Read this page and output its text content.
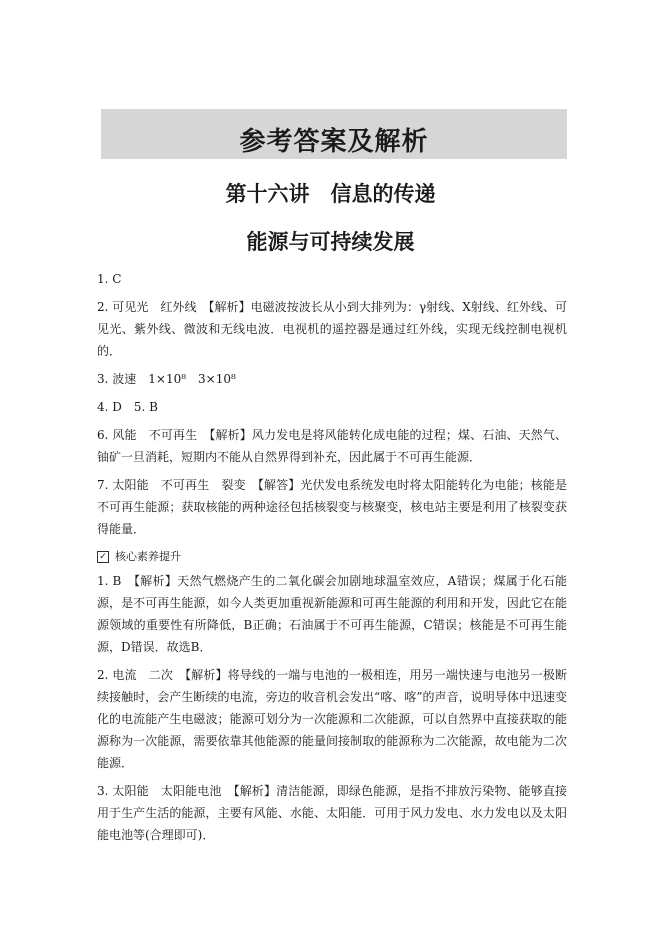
参考答案及解析
第十六讲　信息的传递
能源与可持续发展

1. C

2. 可见光　红外线　【解析】电磁波按波长从小到大排列为：γ射线、X射线、红外线、可见光、紫外线、微波和无线电波．电视机的遥控器是通过红外线，实现无线控制电视机的．

3. 波速　1×10⁸　3×10⁸

4. D　5. B

6. 风能　不可再生　【解析】风力发电是将风能转化成电能的过程；煤、石油、天然气、铀矿一旦消耗，短期内不能从自然界得到补充，因此属于不可再生能源．

7. 太阳能　不可再生　裂变　【解答】光伏发电系统发电时将太阳能转化为电能；核能是不可再生能源；获取核能的两种途径包括核裂变与核聚变，核电站主要是利用了核裂变获得能量．

✓ 核心素养提升

1. B　【解析】天然气燃烧产生的二氧化碳会加剧地球温室效应，A错误；煤属于化石能源，是不可再生能源，如今人类更加重视新能源和可再生能源的利用和开发，因此它在能源领域的重要性有所降低，B正确；石油属于不可再生能源，C错误；核能是不可再生能源，D错误．故选B．

2. 电流　二次　【解析】将导线的一端与电池的一极相连，用另一端快速与电池另一极断续接触时，会产生断续的电流，旁边的收音机会发出“喀、喀”的声音，说明导体中迅速变化的电流能产生电磁波；能源可划分为一次能源和二次能源，可以自然界中直接获取的能源称为一次能源，需要依靠其他能源的能量间接制取的能源称为二次能源，故电能为二次能源．

3. 太阳能　太阳能电池　【解析】清洁能源，即绿色能源，是指不排放污染物、能够直接用于生产生活的能源，主要有风能、水能、太阳能．可用于风力发电、水力发电以及太阳能电池等(合理即可)．
